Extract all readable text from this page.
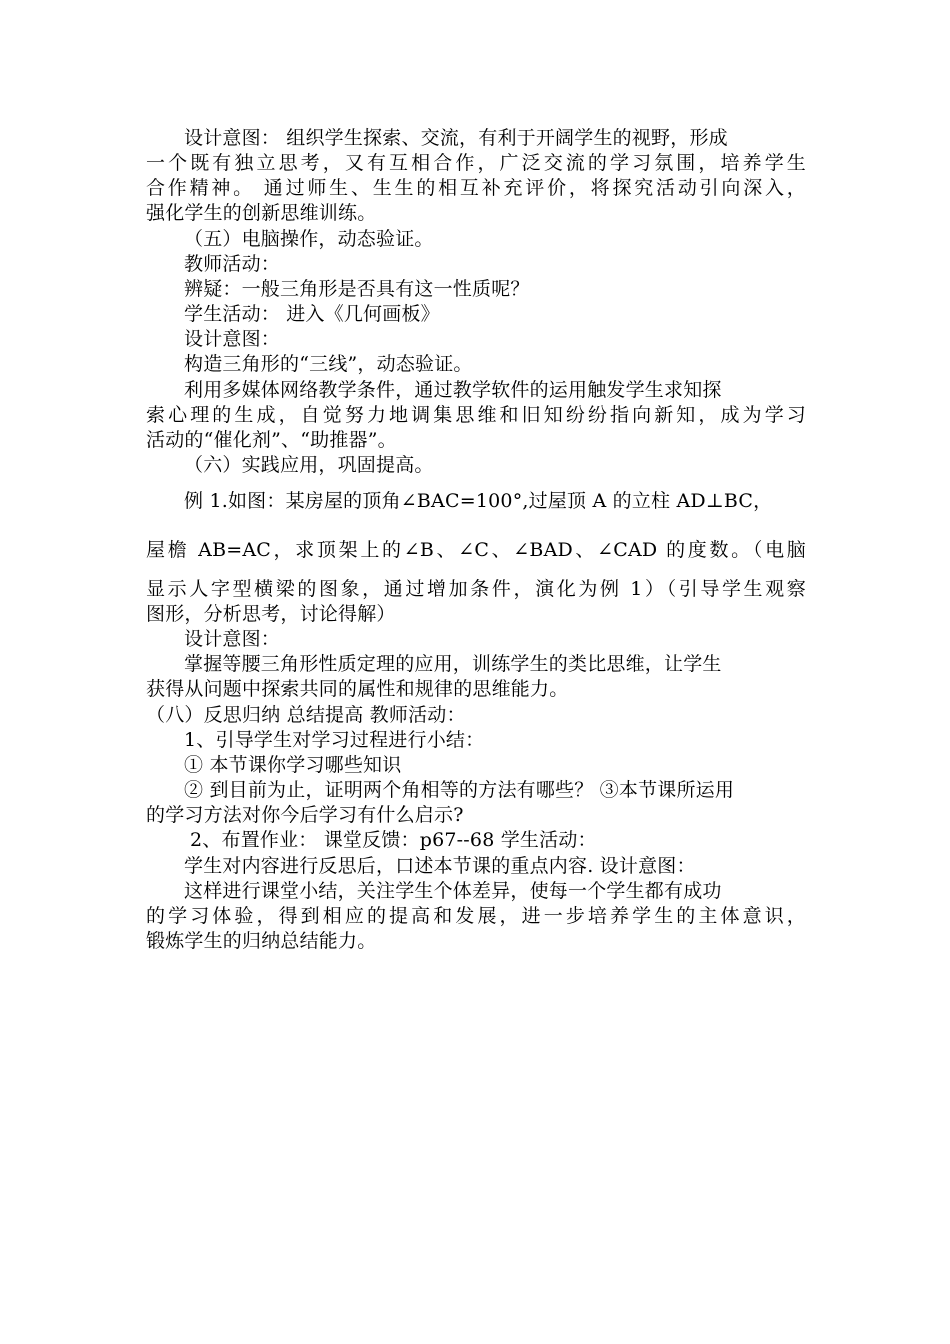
设计意图： 组织学生探索、交流，有利于开阔学生的视野，形成
一个既有独立思考，又有互相合作，广泛交流的学习氛围，培养学生
合作精神。 通过师生、生生的相互补充评价，将探究活动引向深入，
强化学生的创新思维训练。
（五）电脑操作，动态验证。
教师活动：
辨疑：一般三角形是否具有这一性质呢？
学生活动： 进入《几何画板》
设计意图：
构造三角形的“三线”，动态验证。
利用多媒体网络教学条件，通过教学软件的运用触发学生求知探
索心理的生成，自觉努力地调集思维和旧知纷纷指向新知，成为学习
活动的“催化剂”、“助推器”。
（六）实践应用，巩固提高。
例 1.如图：某房屋的顶角∠BAC=100°,过屋顶 A 的立柱 AD⊥BC，
屋檐 AB=AC，求顶架上的∠B、∠C、∠BAD、∠CAD 的度数。（电脑
显示人字型横梁的图象，通过增加条件，演化为例 1）（引导学生观察
图形，分析思考，讨论得解）
设计意图：
掌握等腰三角形性质定理的应用，训练学生的类比思维，让学生
获得从问题中探索共同的属性和规律的思维能力。
（八）反思归纳 总结提高 教师活动：
1、引导学生对学习过程进行小结：
① 本节课你学习哪些知识
② 到目前为止，证明两个角相等的方法有哪些？ ③本节课所运用
的学习方法对你今后学习有什么启示?
2、布置作业： 课堂反馈：p67--68 学生活动：
学生对内容进行反思后，口述本节课的重点内容. 设计意图：
这样进行课堂小结，关注学生个体差异，使每一个学生都有成功
的学习体验，得到相应的提高和发展，进一步培养学生的主体意识，
锻炼学生的归纳总结能力。
